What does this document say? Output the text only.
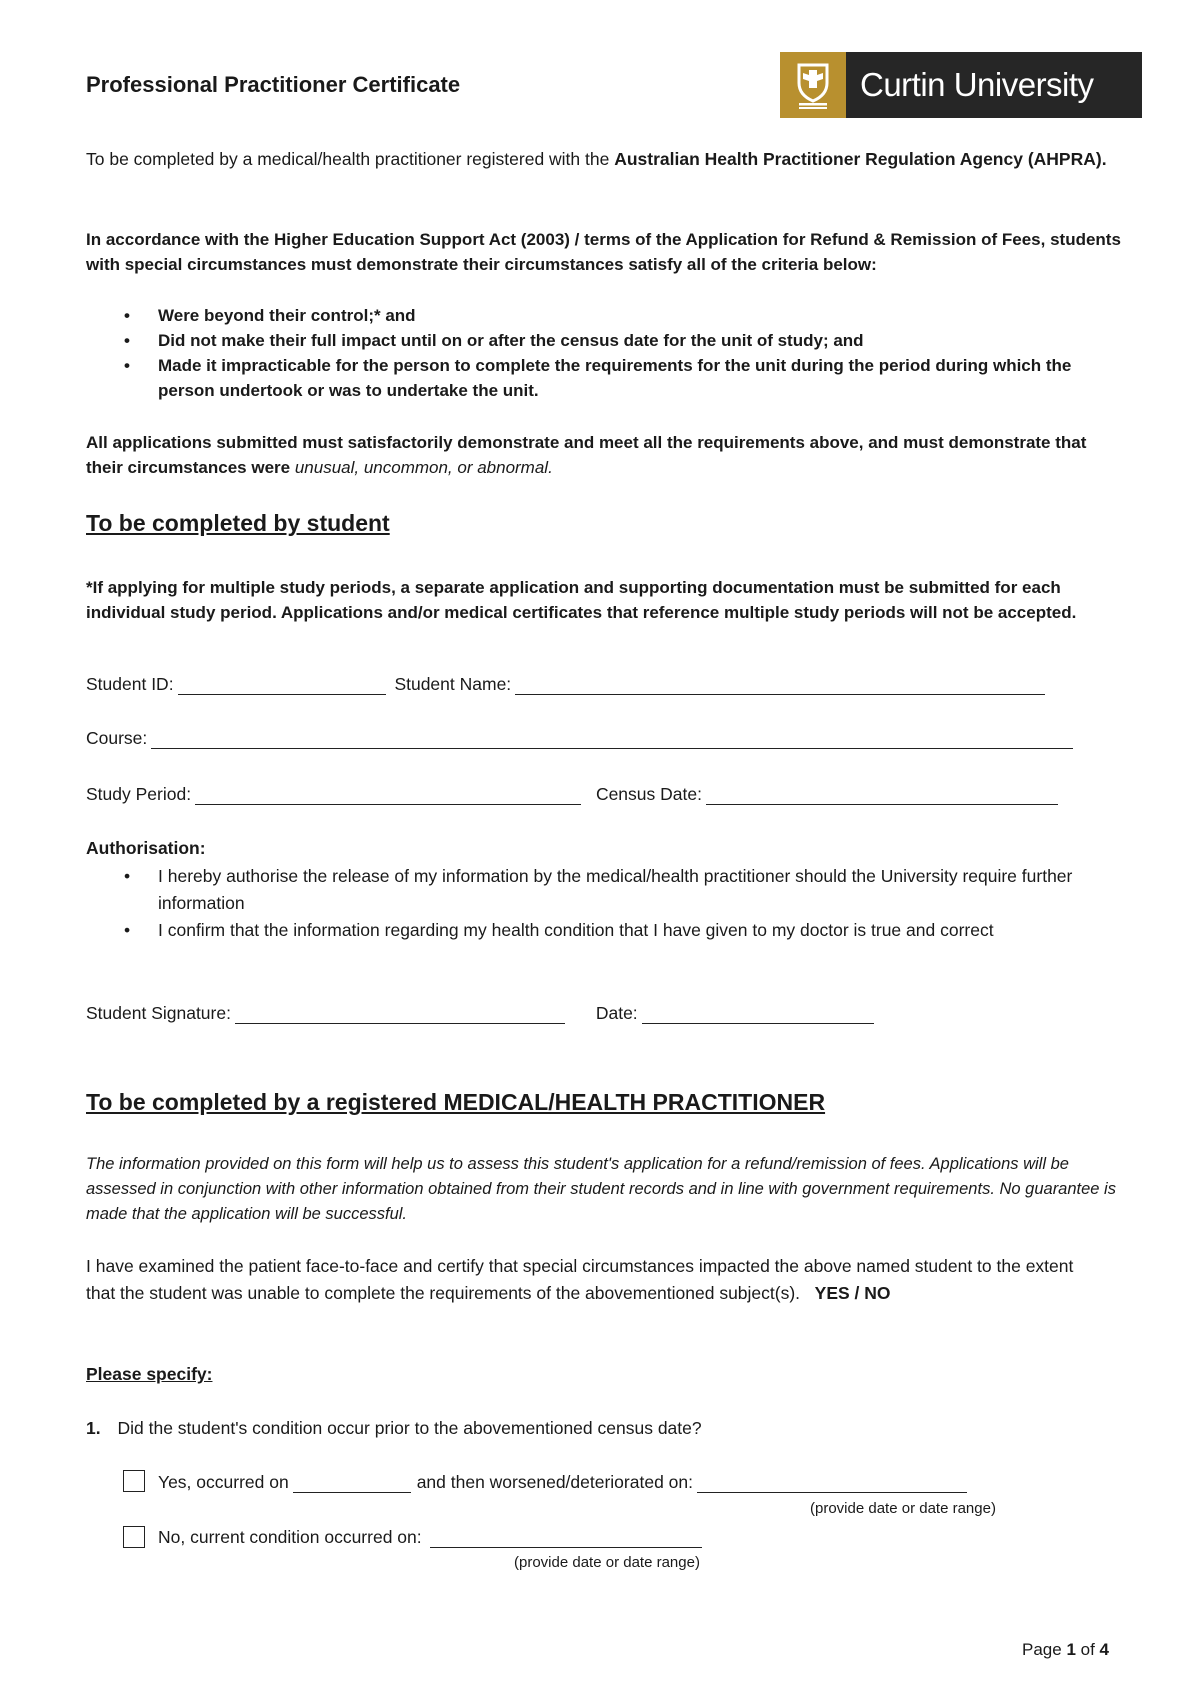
Professional Practitioner Certificate	Curtin University
To be completed by a medical/health practitioner registered with the Australian Health Practitioner Regulation Agency (AHPRA).
In accordance with the Higher Education Support Act (2003) / terms of the Application for Refund & Remission of Fees, students with special circumstances must demonstrate their circumstances satisfy all of the criteria below:
• Were beyond their control;* and
• Did not make their full impact until on or after the census date for the unit of study; and
• Made it impracticable for the person to complete the requirements for the unit during the period during which the person undertook or was to undertake the unit.
All applications submitted must satisfactorily demonstrate and meet all the requirements above, and must demonstrate that their circumstances were unusual, uncommon, or abnormal.
To be completed by student
*If applying for multiple study periods, a separate application and supporting documentation must be submitted for each individual study period. Applications and/or medical certificates that reference multiple study periods will not be accepted.
Student ID:	Student Name:
Course:
Study Period:	Census Date:
Authorisation:
• I hereby authorise the release of my information by the medical/health practitioner should the University require further information
• I confirm that the information regarding my health condition that I have given to my doctor is true and correct
Student Signature:	Date:
To be completed by a registered MEDICAL/HEALTH PRACTITIONER
The information provided on this form will help us to assess this student's application for a refund/remission of fees. Applications will be assessed in conjunction with other information obtained from their student records and in line with government requirements. No guarantee is made that the application will be successful.
I have examined the patient face-to-face and certify that special circumstances impacted the above named student to the extent that the student was unable to complete the requirements of the abovementioned subject(s). YES / NO
Please specify:
1. Did the student's condition occur prior to the abovementioned census date?
Yes, occurred on	and then worsened/deteriorated on:
(provide date or date range)
No, current condition occurred on:
(provide date or date range)
Page 1 of 4
